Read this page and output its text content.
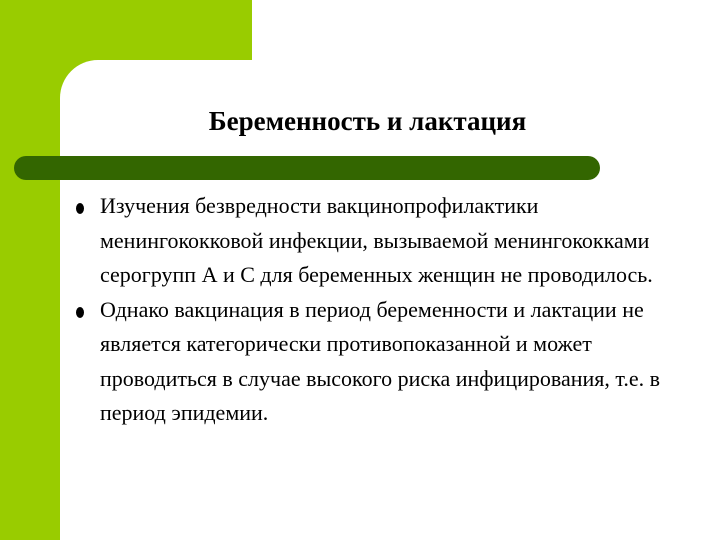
Беременность и лактация
Изучения безвредности вакцинопрофилактики менингококковой инфекции, вызываемой менингококками серогрупп А и С для беременных женщин не проводилось.
Однако вакцинация в период беременности и лактации не является категорически противопоказанной и может проводиться в случае высокого риска инфицирования, т.е. в период эпидемии.
